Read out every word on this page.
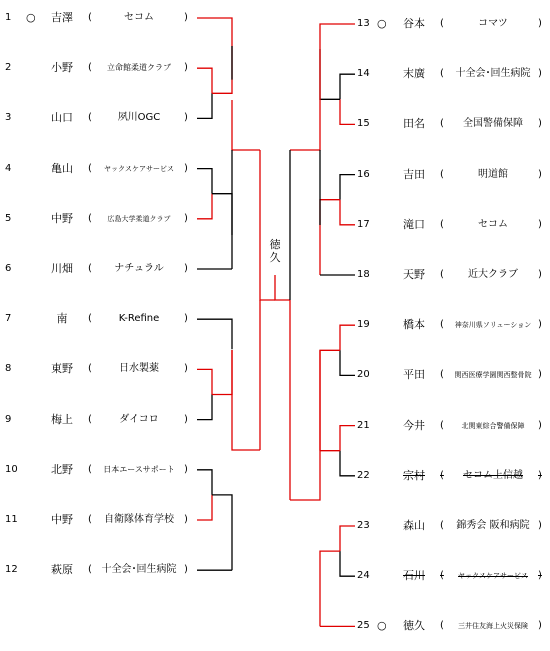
1 ○ 吉澤 (	セコム	)
2	小野 (	立命館柔道クラブ	)
3	山口 (	夙川OGC	)
4	亀山 (	ヤックスケアサービス	)
5	中野 (	広島大学柔道クラブ	)
6	川畑 (	ナチュラル	)
7	南	(	K-Refine	)
8	東野 (	日水製薬	)
9	梅上 (	ダイコロ	)
10	北野 (	日本エースサポート )
11	中野 (	自衛隊体育学校	)
12	萩原 ( 十全会･回生病院 )
13 ○ 谷本	(	コマツ	)
14	末廣	(	十全会･回生病院 )
15	田名	(	全国警備保障	)
16	吉田	(	明道館	)
17	滝口	(	セコム	)
18	天野	(	近大クラブ	)
19	橋本	(	神奈川県ソリューション )
20	平田	(	関西医療学園関西整骨院 )
21	今井	(	北関東綜合警備保障	)
22	宗村	(	セコム上信越	)
23	森山	(	錦秀会 阪和病院 )
24	石川	(	ヤックスケアサービス	)
25 ○ 徳久	(	三井住友海上火災保険	)
徳久
